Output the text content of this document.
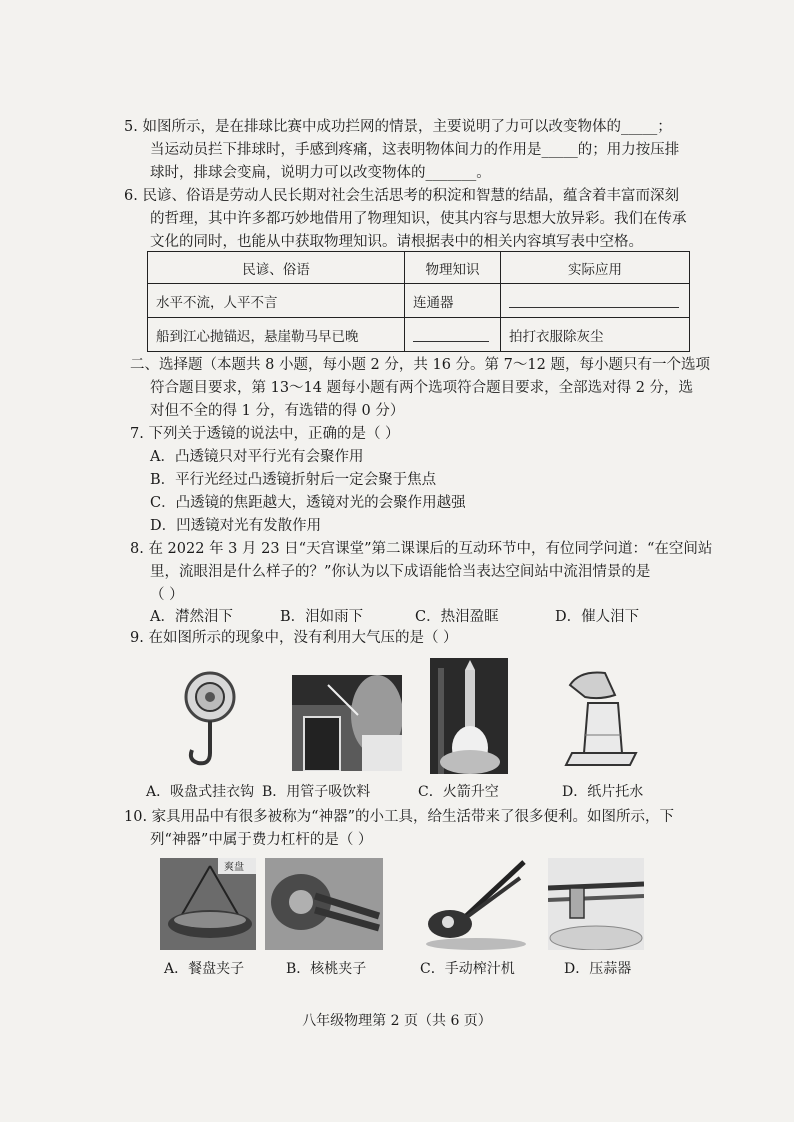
5. 如图所示，是在排球比赛中成功拦网的情景，主要说明了力可以改变物体的_____；
当运动员拦下排球时，手感到疼痛，这表明物体间力的作用是_____的；用力按压排
球时，排球会变扁，说明力可以改变物体的_______。
6. 民谚、俗语是劳动人民长期对社会生活思考的积淀和智慧的结晶，蕴含着丰富而深刻
的哲理，其中许多都巧妙地借用了物理知识，使其内容与思想大放异彩。我们在传承
文化的同时，也能从中获取物理知识。请根据表中的相关内容填写表中空格。
民谚、俗语	物理知识	实际应用
水平不流，人平不言	连通器	
船到江心抛锚迟，悬崖勒马早已晚		拍打衣服除灰尘
二、选择题（本题共 8 小题，每小题 2 分，共 16 分。第 7～12 题，每小题只有一个选项
符合题目要求，第 13～14 题每小题有两个选项符合题目要求，全部选对得 2 分，选
对但不全的得 1 分，有选错的得 0 分）
7. 下列关于透镜的说法中，正确的是（ ）
A．凸透镜只对平行光有会聚作用
B．平行光经过凸透镜折射后一定会聚于焦点
C．凸透镜的焦距越大，透镜对光的会聚作用越强
D．凹透镜对光有发散作用
8. 在 2022 年 3 月 23 日“天宫课堂”第二课课后的互动环节中，有位同学问道：“在空间站
里，流眼泪是什么样子的？”你认为以下成语能恰当表达空间站中流泪情景的是
（ ）
A．潸然泪下	B．泪如雨下	C．热泪盈眶	D．催人泪下
9. 在如图所示的现象中，没有利用大气压的是（ ）
A．吸盘式挂衣钩 B．用管子吸饮料	C．火箭升空	D．纸片托水
10. 家具用品中有很多被称为“神器”的小工具，给生活带来了很多便利。如图所示，下
列“神器”中属于费力杠杆的是（ ）
爽盘
A．餐盘夹子	B．核桃夹子	C．手动榨汁机	D．压蒜器
八年级物理第 2 页（共 6 页）
